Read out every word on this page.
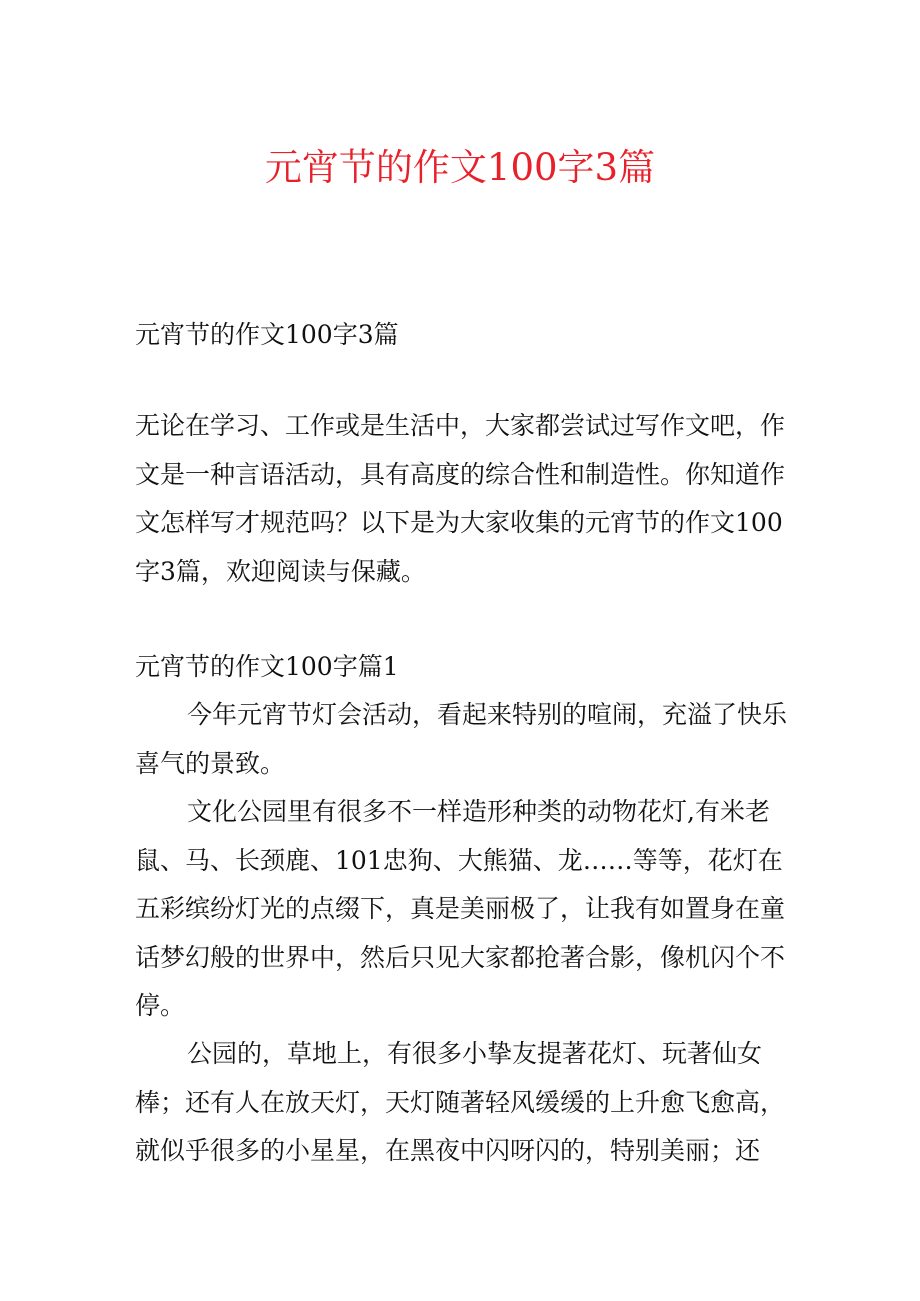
元宵节的作文100字3篇

元宵节的作文100字3篇

无论在学习、工作或是生活中，大家都尝试过写作文吧，作文是一种言语活动，具有高度的综合性和制造性。你知道作文怎样写才规范吗？以下是为大家收集的元宵节的作文100字3篇，欢迎阅读与保藏。

元宵节的作文100字篇1

今年元宵节灯会活动，看起来特别的喧闹，充溢了快乐喜气的景致。

文化公园里有很多不一样造形种类的动物花灯,有米老鼠、马、长颈鹿、101忠狗、大熊猫、龙……等等，花灯在五彩缤纷灯光的点缀下，真是美丽极了，让我有如置身在童话梦幻般的世界中，然后只见大家都抢著合影，像机闪个不停。

公园的，草地上，有很多小挚友提著花灯、玩著仙女棒；还有人在放天灯，天灯随著轻风缓缓的上升愈飞愈高，就似乎很多的小星星，在黑夜中闪呀闪的，特别美丽；还
